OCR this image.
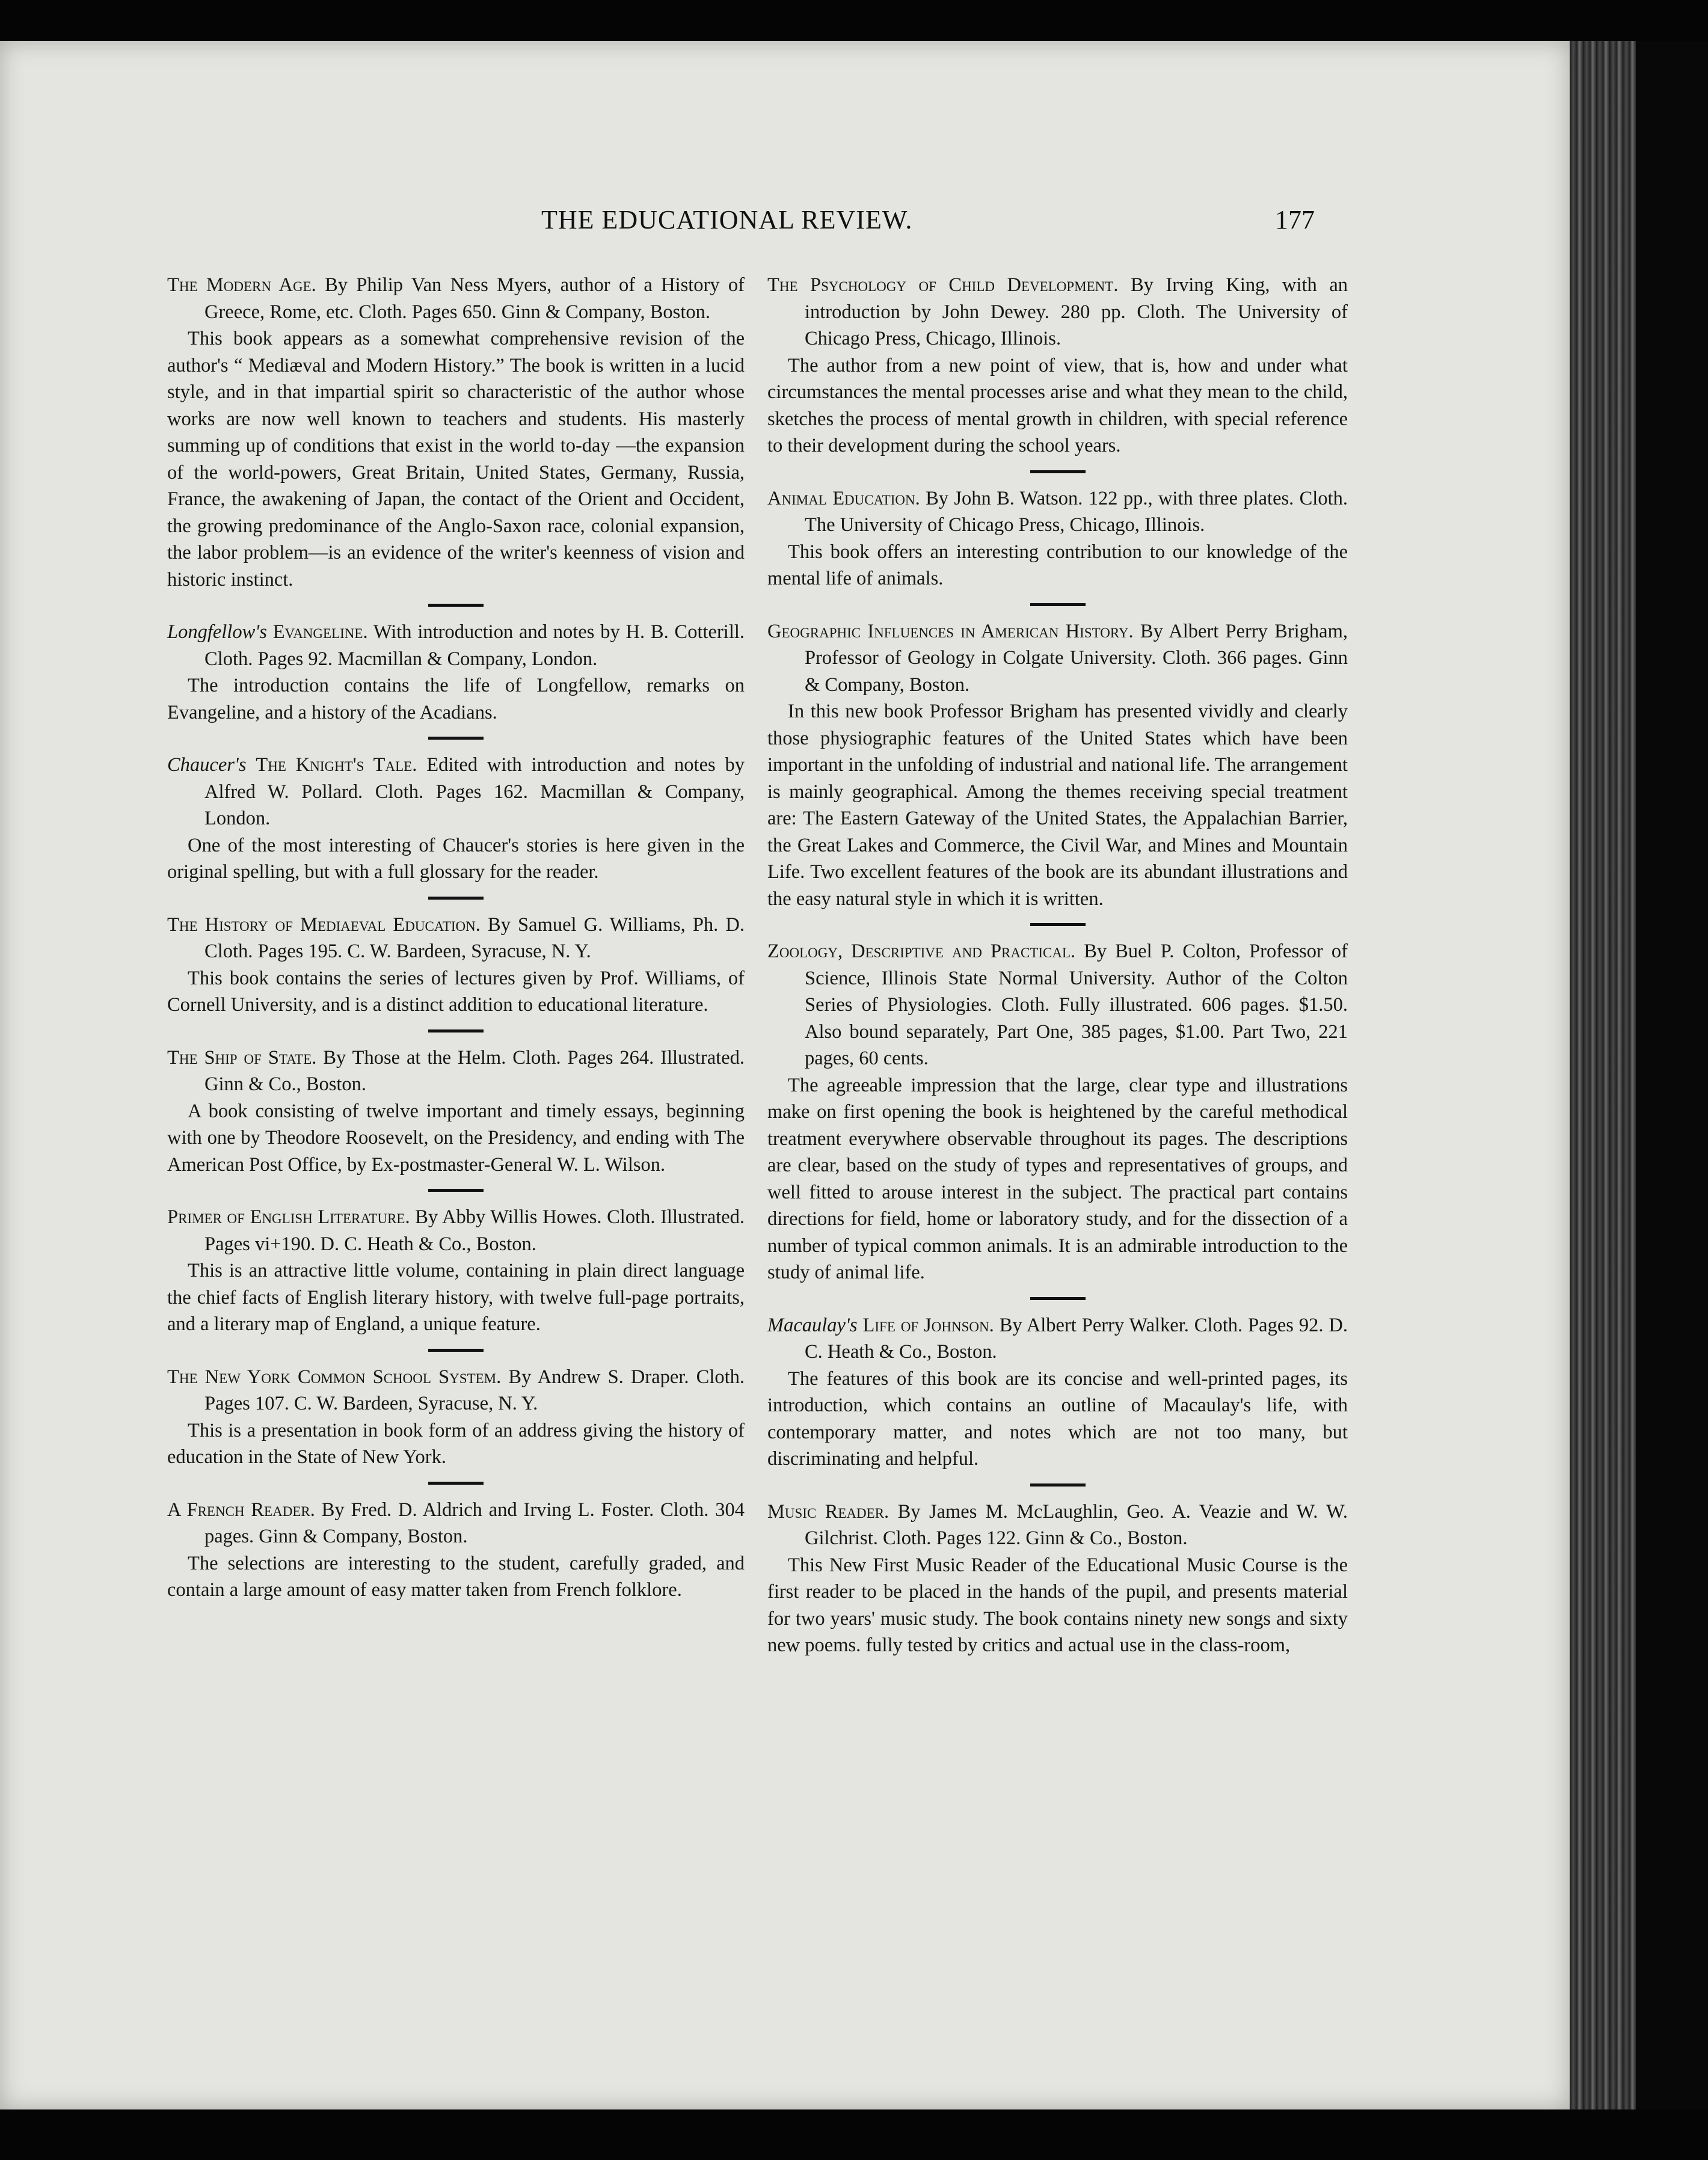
THE EDUCATIONAL REVIEW.	177

The Modern Age. By Philip Van Ness Myers, author of a History of Greece, Rome, etc. Cloth. Pages 650. Ginn & Company, Boston.

This book appears as a somewhat comprehensive revision of the author's “ Mediæval and Modern History.” The book is written in a lucid style, and in that impartial spirit so characteristic of the author whose works are now well known to teachers and students. His masterly summing up of conditions that exist in the world to-day —the expansion of the world-powers, Great Britain, United States, Germany, Russia, France, the awakening of Japan, the contact of the Orient and Occident, the growing predominance of the Anglo-Saxon race, colonial expansion, the labor problem—is an evidence of the writer's keenness of vision and historic instinct.

Longfellow's Evangeline. With introduction and notes by H. B. Cotterill. Cloth. Pages 92. Macmillan & Company, London.

The introduction contains the life of Longfellow, remarks on Evangeline, and a history of the Acadians.

Chaucer's The Knight's Tale. Edited with introduction and notes by Alfred W. Pollard. Cloth. Pages 162. Macmillan & Company, London.

One of the most interesting of Chaucer's stories is here given in the original spelling, but with a full glossary for the reader.

The History of Mediaeval Education. By Samuel G. Williams, Ph. D. Cloth. Pages 195. C. W. Bardeen, Syracuse, N. Y.

This book contains the series of lectures given by Prof. Williams, of Cornell University, and is a distinct addition to educational literature.

The Ship of State. By Those at the Helm. Cloth. Pages 264. Illustrated. Ginn & Co., Boston.

A book consisting of twelve important and timely essays, beginning with one by Theodore Roosevelt, on the Presidency, and ending with The American Post Office, by Ex-postmaster-General W. L. Wilson.

Primer of English Literature. By Abby Willis Howes. Cloth. Illustrated. Pages vi+190. D. C. Heath & Co., Boston.

This is an attractive little volume, containing in plain direct language the chief facts of English literary history, with twelve full-page portraits, and a literary map of England, a unique feature.

The New York Common School System. By Andrew S. Draper. Cloth. Pages 107. C. W. Bardeen, Syracuse, N. Y.

This is a presentation in book form of an address giving the history of education in the State of New York.

A French Reader. By Fred. D. Aldrich and Irving L. Foster. Cloth. 304 pages. Ginn & Company, Boston.

The selections are interesting to the student, carefully graded, and contain a large amount of easy matter taken from French folklore.

The Psychology of Child Development. By Irving King, with an introduction by John Dewey. 280 pp. Cloth. The University of Chicago Press, Chicago, Illinois.

The author from a new point of view, that is, how and under what circumstances the mental processes arise and what they mean to the child, sketches the process of mental growth in children, with special reference to their development during the school years.

Animal Education. By John B. Watson. 122 pp., with three plates. Cloth. The University of Chicago Press, Chicago, Illinois.

This book offers an interesting contribution to our knowledge of the mental life of animals.

Geographic Influences in American History. By Albert Perry Brigham, Professor of Geology in Colgate University. Cloth. 366 pages. Ginn & Company, Boston.

In this new book Professor Brigham has presented vividly and clearly those physiographic features of the United States which have been important in the unfolding of industrial and national life. The arrangement is mainly geographical. Among the themes receiving special treatment are: The Eastern Gateway of the United States, the Appalachian Barrier, the Great Lakes and Commerce, the Civil War, and Mines and Mountain Life. Two excellent features of the book are its abundant illustrations and the easy natural style in which it is written.

Zoology, Descriptive and Practical. By Buel P. Colton, Professor of Science, Illinois State Normal University. Author of the Colton Series of Physiologies. Cloth. Fully illustrated. 606 pages. $1.50. Also bound separately, Part One, 385 pages, $1.00. Part Two, 221 pages, 60 cents.

The agreeable impression that the large, clear type and illustrations make on first opening the book is heightened by the careful methodical treatment everywhere observable throughout its pages. The descriptions are clear, based on the study of types and representatives of groups, and well fitted to arouse interest in the subject. The practical part contains directions for field, home or laboratory study, and for the dissection of a number of typical common animals. It is an admirable introduction to the study of animal life.

Macaulay's Life of Johnson. By Albert Perry Walker. Cloth. Pages 92. D. C. Heath & Co., Boston.

The features of this book are its concise and well-printed pages, its introduction, which contains an outline of Macaulay's life, with contemporary matter, and notes which are not too many, but discriminating and helpful.

Music Reader. By James M. McLaughlin, Geo. A. Veazie and W. W. Gilchrist. Cloth. Pages 122. Ginn & Co., Boston.

This New First Music Reader of the Educational Music Course is the first reader to be placed in the hands of the pupil, and presents material for two years' music study. The book contains ninety new songs and sixty new poems. fully tested by critics and actual use in the class-room,
